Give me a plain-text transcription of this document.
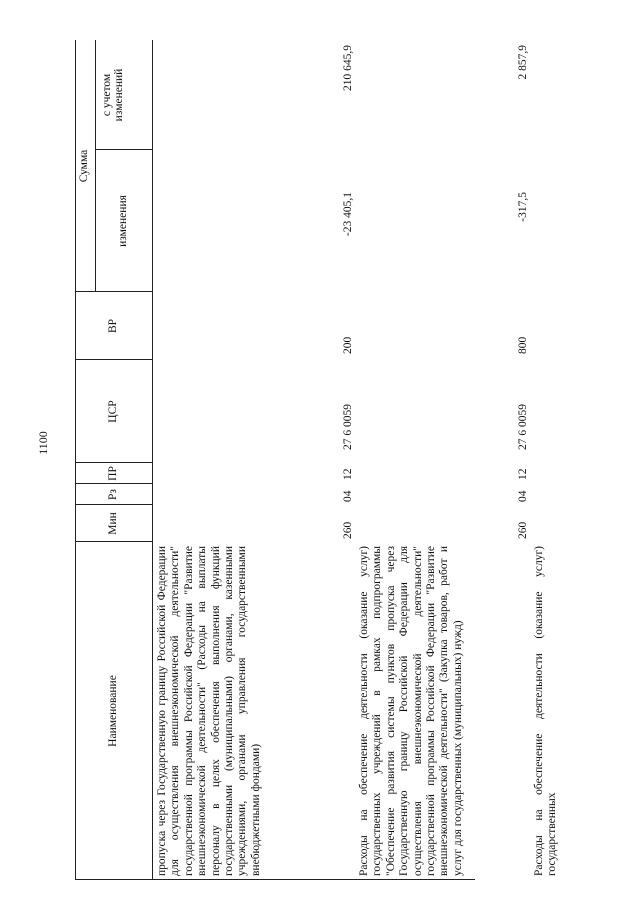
1100
Наименование
Мин
Рз
ПР
ЦСР
ВР
Сумма
изменения
с учетом изменений

пропуска через Государственную границу Российской Федерации для осуществления внешнеэкономической деятельности" государственной программы Российской Федерации "Развитие внешнеэкономической деятельности" (Расходы на выплаты персоналу в целях обеспечения выполнения функций государственными (муниципальными) органами, казенными учреждениями, органами управления государственными внебюджетными фондами)

260
04
12
27 6 0059
200
-23 405,1
210 645,9

Расходы на обеспечение деятельности (оказание услуг) государственных учреждений в рамках подпрограммы "Обеспечение развития системы пунктов пропуска через Государственную границу Российской Федерации для осуществления внешнеэкономической деятельности" государственной программы Российской Федерации "Развитие внешнеэкономической деятельности" (Закупка товаров, работ и услуг для государственных (муниципальных) нужд)

260
04
12
27 6 0059
800
-317,5
2 857,9

Расходы на обеспечение деятельности (оказание услуг) государственных
